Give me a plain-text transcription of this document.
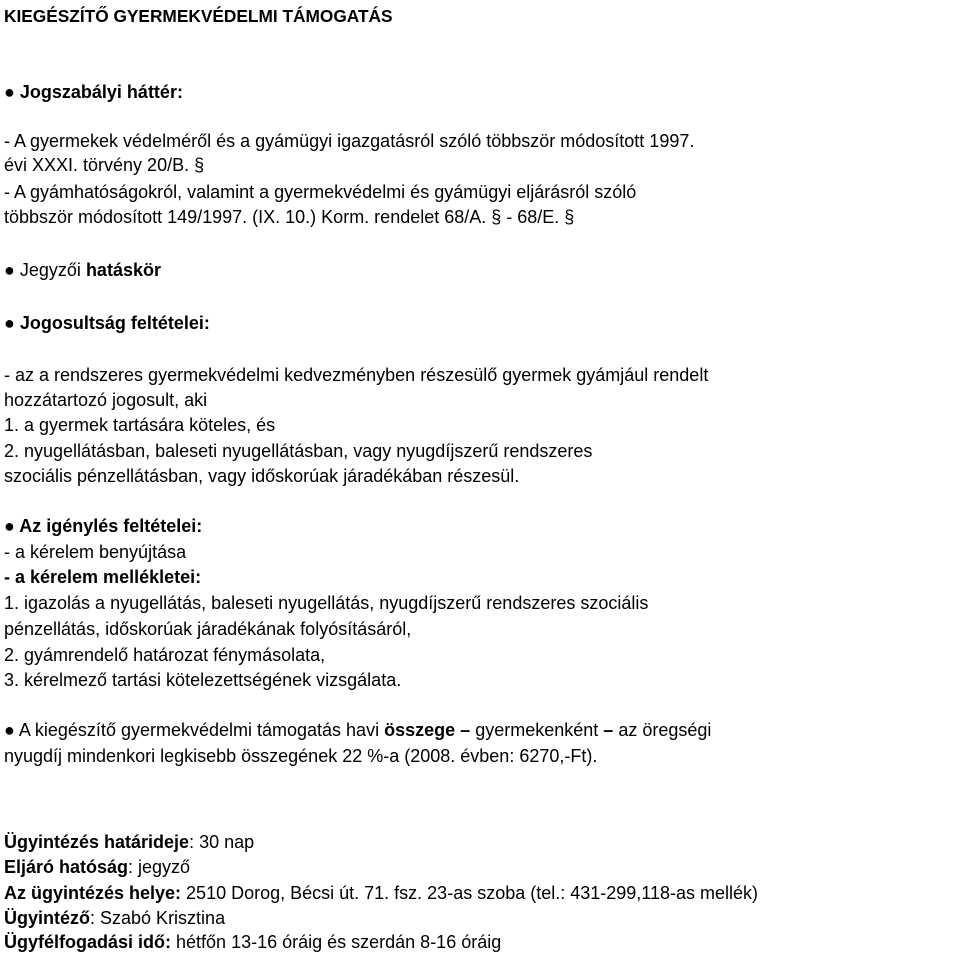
KIEGÉSZÍTŐ GYERMEKVÉDELMI TÁMOGATÁS
● Jogszabályi háttér:
- A gyermekek védelméről és a gyámügyi igazgatásról szóló többször módosított 1997.
évi XXXI. törvény 20/B. §
- A gyámhatóságokról, valamint a gyermekvédelmi és gyámügyi eljárásról szóló
többször módosított 149/1997. (IX. 10.) Korm. rendelet 68/A. § - 68/E. §
● Jegyzői hatáskör
● Jogosultság feltételei:
- az a rendszeres gyermekvédelmi kedvezményben részesülő gyermek gyámjául rendelt
hozzátartozó jogosult, aki
1. a gyermek tartására köteles, és
2. nyugellátásban, baleseti nyugellátásban, vagy nyugdíjszerű rendszeres
szociális pénzellátásban, vagy időskorúak járadékában részesül.
● Az igénylés feltételei:
- a kérelem benyújtása
- a kérelem mellékletei:
1. igazolás a nyugellátás, baleseti nyugellátás, nyugdíjszerű rendszeres szociális
pénzellátás, időskorúak járadékának folyósításáról,
2. gyámrendelő határozat fénymásolata,
3. kérelmező tartási kötelezettségének vizsgálata.
● A kiegészítő gyermekvédelmi támogatás havi összege – gyermekenként – az öregségi
nyugdíj mindenkori legkisebb összegének 22 %-a (2008. évben: 6270,-Ft).
Ügyintézés határideje: 30 nap
Eljáró hatóság: jegyző
Az ügyintézés helye: 2510 Dorog, Bécsi út. 71. fsz. 23-as szoba (tel.: 431-299,118-as mellék)
Ügyintéző: Szabó Krisztina
Ügyfélfogadási idő: hétfőn 13-16 óráig és szerdán 8-16 óráig
